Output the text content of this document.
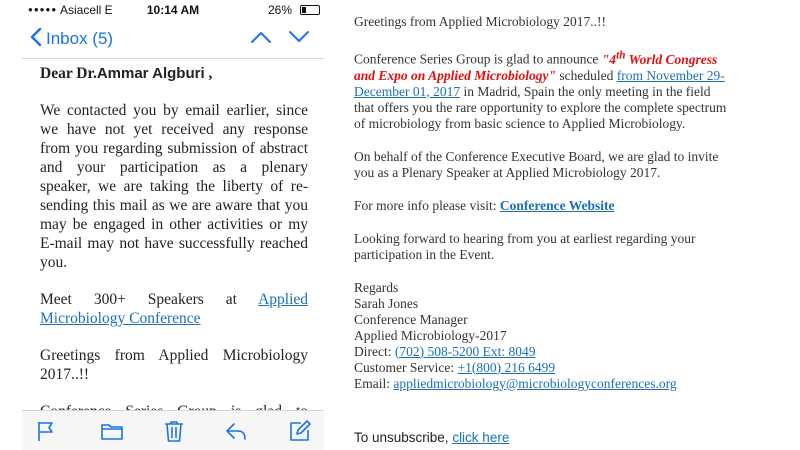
●●●●● Asiacell E	10:14 AM	26%
Inbox (5)
Dear Dr.Ammar Algburi ,

We contacted you by email earlier, since we have not yet received any response from you regarding submission of abstract and your participation as a plenary speaker, we are taking the liberty of re-sending this mail as we are aware that you may be engaged in other activities or my E-mail may not have successfully reached you.

Meet 300+ Speakers at Applied Microbiology Conference

Greetings from Applied Microbiology 2017..!!

Greetings from Applied Microbiology 2017..!!

Conference Series Group is glad to announce "4th World Congress and Expo on Applied Microbiology" scheduled from November 29-December 01, 2017 in Madrid, Spain the only meeting in the field that offers you the rare opportunity to explore the complete spectrum of microbiology from basic science to Applied Microbiology.

On behalf of the Conference Executive Board, we are glad to invite you as a Plenary Speaker at Applied Microbiology 2017.

For more info please visit: Conference Website

Looking forward to hearing from you at earliest regarding your participation in the Event.

Regards

Sarah Jones

Conference Manager

Applied Microbiology-2017

Direct: (702) 508-5200 Ext: 8049

Customer Service: +1(800) 216 6499

Email: appliedmicrobiology@microbiologyconferences.org

To unsubscribe, click here
